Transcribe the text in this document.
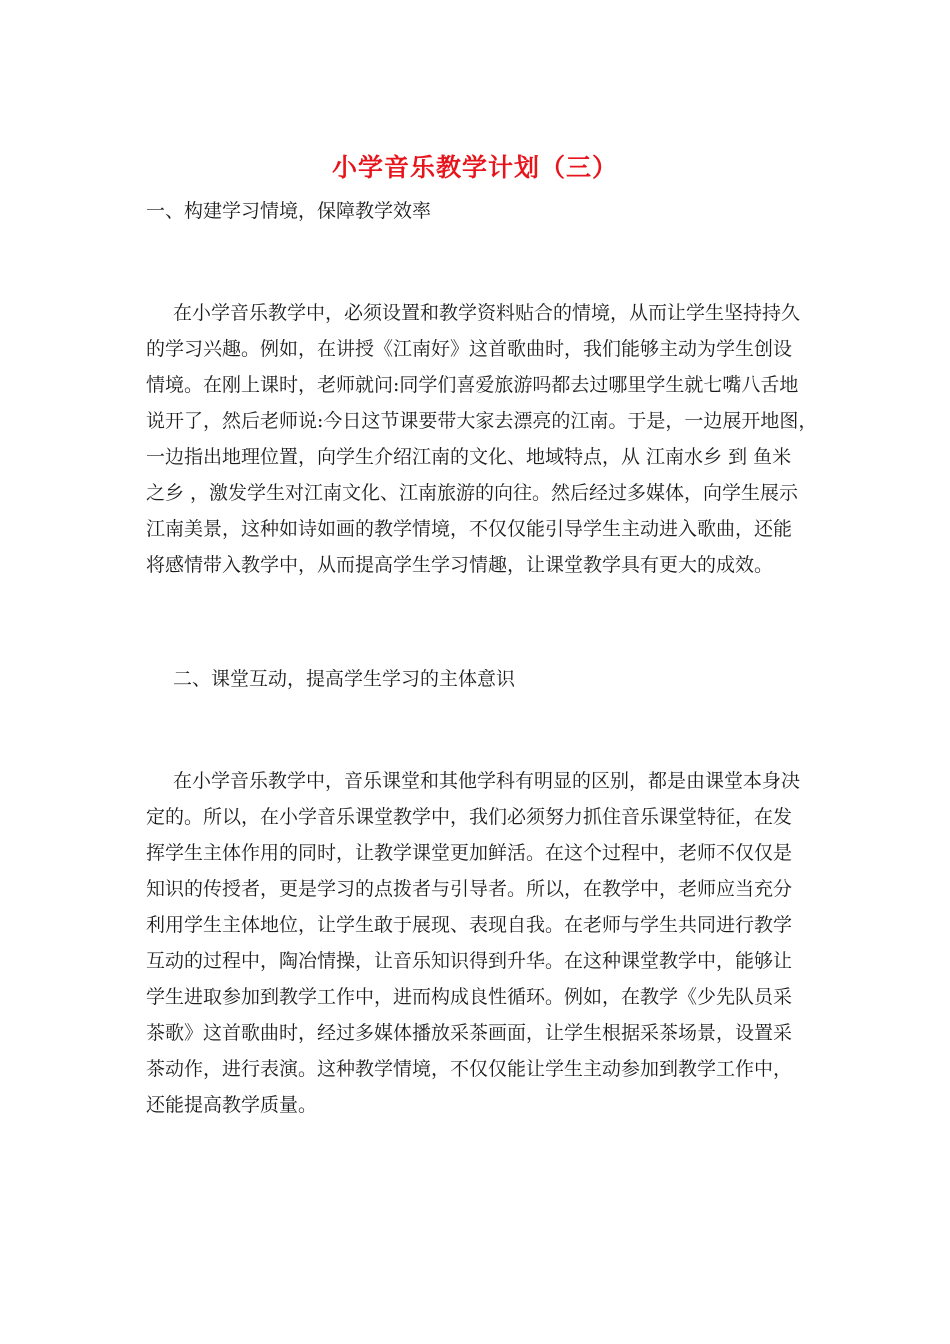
小学音乐教学计划（三）
一、构建学习情境，保障教学效率
在小学音乐教学中，必须设置和教学资料贴合的情境，从而让学生坚持持久
的学习兴趣。例如，在讲授《江南好》这首歌曲时，我们能够主动为学生创设
情境。在刚上课时，老师就问:同学们喜爱旅游吗都去过哪里学生就七嘴八舌地
说开了，然后老师说:今日这节课要带大家去漂亮的江南。于是，一边展开地图，
一边指出地理位置，向学生介绍江南的文化、地域特点，从 江南水乡 到 鱼米
之乡 ，激发学生对江南文化、江南旅游的向往。然后经过多媒体，向学生展示
江南美景，这种如诗如画的教学情境，不仅仅能引导学生主动进入歌曲，还能
将感情带入教学中，从而提高学生学习情趣，让课堂教学具有更大的成效。
二、课堂互动，提高学生学习的主体意识
在小学音乐教学中，音乐课堂和其他学科有明显的区别，都是由课堂本身决
定的。所以，在小学音乐课堂教学中，我们必须努力抓住音乐课堂特征，在发
挥学生主体作用的同时，让教学课堂更加鲜活。在这个过程中，老师不仅仅是
知识的传授者，更是学习的点拨者与引导者。所以，在教学中，老师应当充分
利用学生主体地位，让学生敢于展现、表现自我。在老师与学生共同进行教学
互动的过程中，陶冶情操，让音乐知识得到升华。在这种课堂教学中，能够让
学生进取参加到教学工作中，进而构成良性循环。例如，在教学《少先队员采
茶歌》这首歌曲时，经过多媒体播放采茶画面，让学生根据采茶场景，设置采
茶动作，进行表演。这种教学情境，不仅仅能让学生主动参加到教学工作中，
还能提高教学质量。
